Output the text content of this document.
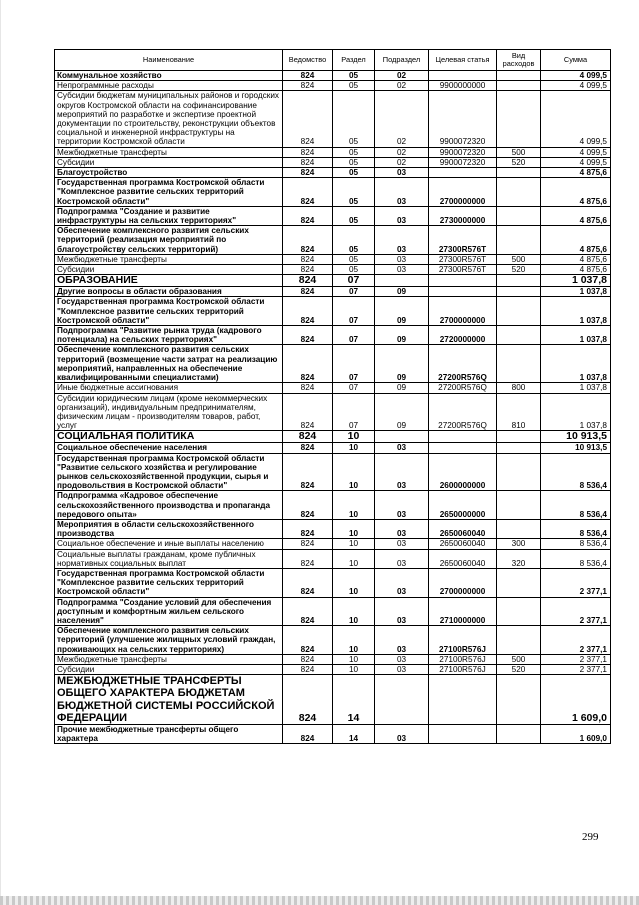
Наименование	Ведомство	Раздел	Подраздел	Целевая статья	Вид расходов	Сумма
Коммунальное хозяйство	824	05	02			4 099,5
Непрограммные расходы	824	05	02	9900000000		4 099,5
Субсидии бюджетам муниципальных районов и городских округов Костромской области на софинансирование мероприятий по разработке и экспертизе проектной документации по строительству, реконструкции объектов социальной и инженерной инфраструктуры на территории Костромской области	824	05	02	9900072320		4 099,5
Межбюджетные трансферты	824	05	02	9900072320	500	4 099,5
Субсидии	824	05	02	9900072320	520	4 099,5
Благоустройство	824	05	03			4 875,6
Государственная программа Костромской области "Комплексное развитие сельских территорий Костромской области"	824	05	03	2700000000		4 875,6
Подпрограмма "Создание и развитие инфраструктуры на сельских территориях"	824	05	03	2730000000		4 875,6
Обеспечение комплексного развития сельских территорий (реализация мероприятий по благоустройству сельских территорий)	824	05	03	27300R576T		4 875,6
Межбюджетные трансферты	824	05	03	27300R576T	500	4 875,6
Субсидии	824	05	03	27300R576T	520	4 875,6
ОБРАЗОВАНИЕ	824	07				1 037,8
Другие вопросы в области образования	824	07	09			1 037,8
Государственная программа Костромской области "Комплексное развитие сельских территорий Костромской области"	824	07	09	2700000000		1 037,8
Подпрограмма "Развитие рынка труда (кадрового потенциала) на сельских территориях"	824	07	09	2720000000		1 037,8
Обеспечение комплексного развития сельских территорий (возмещение части затрат на реализацию мероприятий, направленных на обеспечение квалифицированными специалистами)	824	07	09	27200R576Q		1 037,8
Иные бюджетные ассигнования	824	07	09	27200R576Q	800	1 037,8
Субсидии юридическим лицам (кроме некоммерческих организаций), индивидуальным предпринимателям, физическим лицам - производителям товаров, работ, услуг	824	07	09	27200R576Q	810	1 037,8
СОЦИАЛЬНАЯ ПОЛИТИКА	824	10				10 913,5
Социальное обеспечение населения	824	10	03			10 913,5
Государственная программа Костромской области "Развитие сельского хозяйства и регулирование рынков сельскохозяйственной продукции, сырья и продовольствия в Костромской области"	824	10	03	2600000000		8 536,4
Подпрограмма «Кадровое обеспечение сельскохозяйственного производства и пропаганда передового опыта»	824	10	03	2650000000		8 536,4
Мероприятия в области сельскохозяйственного производства	824	10	03	2650060040		8 536,4
Социальное обеспечение и иные выплаты населению	824	10	03	2650060040	300	8 536,4
Социальные выплаты гражданам, кроме публичных нормативных социальных выплат	824	10	03	2650060040	320	8 536,4
Государственная программа Костромской области "Комплексное развитие сельских территорий Костромской области"	824	10	03	2700000000		2 377,1
Подпрограмма "Создание условий для обеспечения доступным и комфортным жильем сельского населения"	824	10	03	2710000000		2 377,1
Обеспечение комплексного развития сельских территорий (улучшение жилищных условий граждан, проживающих на сельских территориях)	824	10	03	27100R576J		2 377,1
Межбюджетные трансферты	824	10	03	27100R576J	500	2 377,1
Субсидии	824	10	03	27100R576J	520	2 377,1
МЕЖБЮДЖЕТНЫЕ ТРАНСФЕРТЫ ОБЩЕГО ХАРАКТЕРА БЮДЖЕТАМ БЮДЖЕТНОЙ СИСТЕМЫ РОССИЙСКОЙ ФЕДЕРАЦИИ	824	14				1 609,0
Прочие межбюджетные трансферты общего характера	824	14	03			1 609,0
299
